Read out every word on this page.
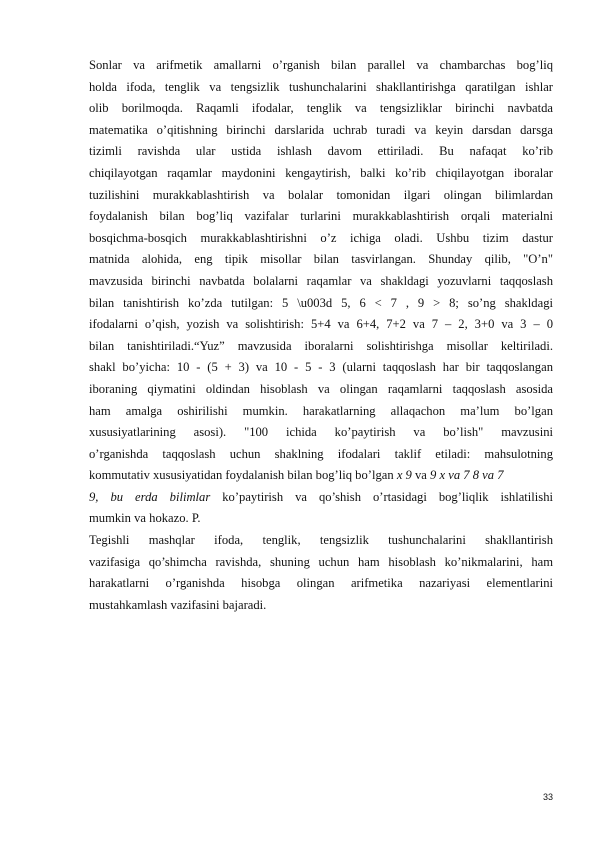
Sonlar va arifmetik amallarni o’rganish bilan parallel va chambarchas bog’liq
holda ifoda, tenglik va tengsizlik tushunchalarini shakllantirishga qaratilgan ishlar
olib borilmoqda. Raqamli ifodalar, tenglik va tengsizliklar birinchi navbatda
matematika o’qitishning birinchi darslarida uchrab turadi va keyin darsdan darsga
tizimli ravishda ular ustida ishlash davom ettiriladi. Bu nafaqat ko’rib
chiqilayotgan raqamlar maydonini kengaytirish, balki ko’rib chiqilayotgan iboralar
tuzilishini murakkablashtirish va bolalar tomonidan ilgari olingan bilimlardan
foydalanish bilan bog’liq vazifalar turlarini murakkablashtirish orqali materialni
bosqichma-bosqich murakkablashtirishni o’z ichiga oladi. Ushbu tizim dastur
matnida alohida, eng tipik misollar bilan tasvirlangan. Shunday qilib, "O’n"
mavzusida birinchi navbatda bolalarni raqamlar va shakldagi yozuvlarni taqqoslash
bilan tanishtirish ko’zda tutilgan: 5 \u003d 5, 6 < 7 , 9 > 8; so’ng shakldagi
ifodalarni o’qish, yozish va solishtirish: 5+4 va 6+4, 7+2 va 7 – 2, 3+0 va 3 – 0
bilan tanishtiriladi.“Yuz” mavzusida iboralarni solishtirishga misollar keltiriladi.
shakl bo’yicha: 10 - (5 + 3) va 10 - 5 - 3 (ularni taqqoslash har bir taqqoslangan
iboraning qiymatini oldindan hisoblash va olingan raqamlarni taqqoslash asosida
ham amalga oshirilishi mumkin. harakatlarning allaqachon ma’lum bo’lgan
xususiyatlarining asosi). "100 ichida ko’paytirish va bo’lish" mavzusini
o’rganishda taqqoslash uchun shaklning ifodalari taklif etiladi: mahsulotning
kommutativ xususiyatidan foydalanish bilan bog’liq bo’lgan x 9 va 9 x va 7 8 va 7
9, bu erda bilimlar ko’paytirish va qo’shish o’rtasidagi bog’liqlik ishlatilishi
mumkin va hokazo. P.
Tegishli mashqlar ifoda, tenglik, tengsizlik tushunchalarini shakllantirish
vazifasiga qo’shimcha ravishda, shuning uchun ham hisoblash ko’nikmalarini, ham
harakatlarni o’rganishda hisobga olingan arifmetika nazariyasi elementlarini
mustahkamlash vazifasini bajaradi.
33
